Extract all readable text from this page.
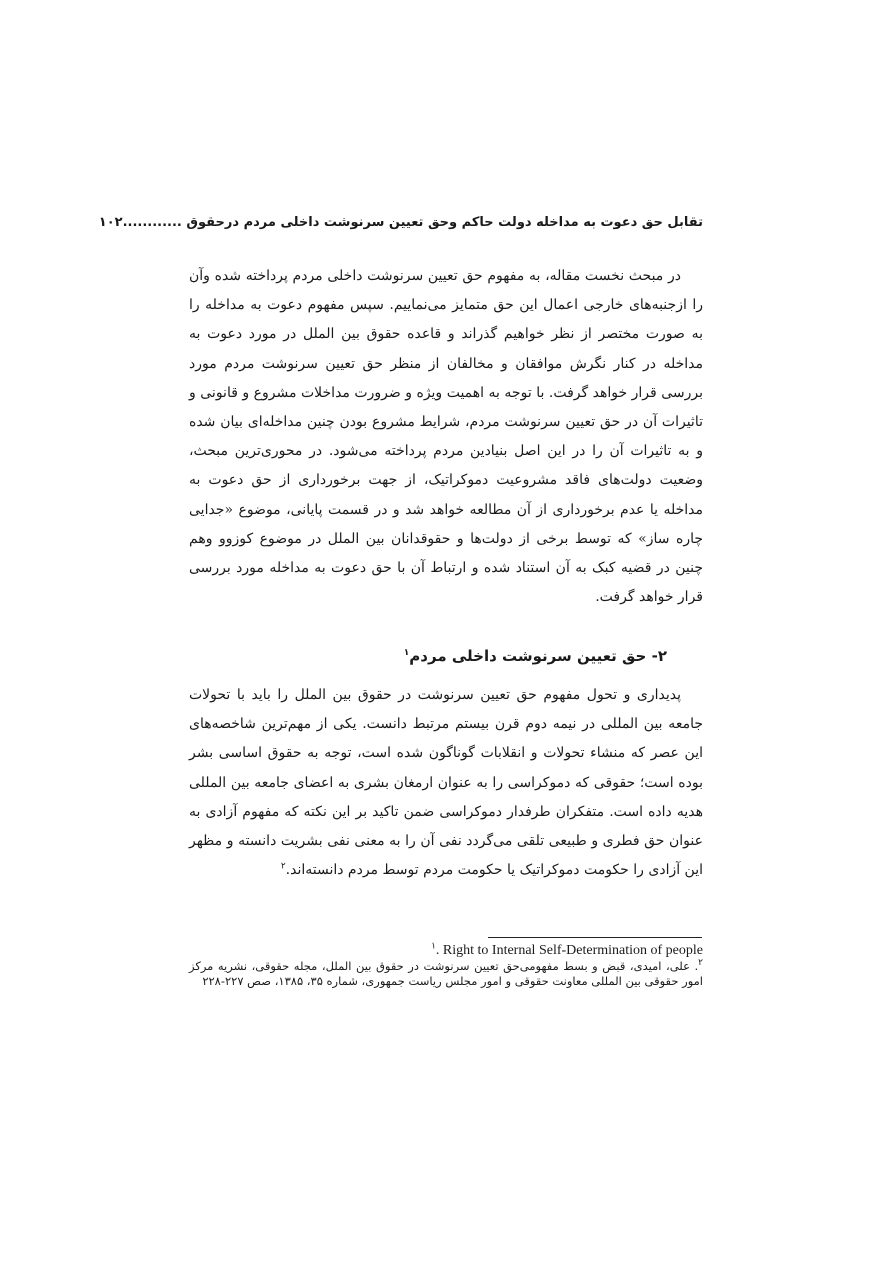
تقابل حق دعوت به مداخله دولت حاکم وحق تعیین سرنوشت داخلی مردم درحقوق ............۱۰۲
در مبحث نخست مقاله، به مفهوم حق تعیین سرنوشت داخلی مردم پرداخته شده وآن را ازجنبه‌های خارجی اعمال این حق متمایز می‌نماییم. سپس مفهوم دعوت به مداخله را به صورت مختصر از نظر خواهیم گذراند و قاعده حقوق بین الملل در مورد دعوت به مداخله در کنار نگرش موافقان و مخالفان از منظر حق تعیین سرنوشت مردم مورد بررسی قرار خواهد گرفت. با توجه به اهمیت ویژه و ضرورت مداخلات مشروع و قانونی و تاثیرات آن در حق تعیین سرنوشت مردم، شرایط مشروع بودن چنین مداخله‌ای بیان شده و به تاثیرات آن را در این اصل بنیادین مردم پرداخته می‌شود. در محوری‌ترین مبحث، وضعیت دولت‌های فاقد مشروعیت دموکراتیک، از جهت برخورداری از حق دعوت به مداخله یا عدم برخورداری از آن مطالعه خواهد شد و در قسمت پایانی، موضوع «جدایی چاره ساز» که توسط برخی از دولت‌ها و حقوقدانان بین الملل در موضوع کوزوو وهم چنین در قضیه کبک به آن استناد شده و ارتباط آن با حق دعوت به مداخله مورد بررسی قرار خواهد گرفت.
۲- حق تعیین سرنوشت داخلی مردم$^۱$
پدیداری و تحول مفهوم حق تعیین سرنوشت در حقوق بین الملل را باید با تحولات جامعه بین المللی در نیمه دوم قرن بیستم مرتبط دانست. یکی از مهم‌ترین شاخصه‌های این عصر که منشاء تحولات و انقلابات گوناگون شده است، توجه به حقوق اساسی بشر بوده است؛ حقوقی که دموکراسی را به عنوان ارمغان بشری به اعضای جامعه بین المللی هدیه داده است. متفکران طرفدار دموکراسی ضمن تاکید بر این نکته که مفهوم آزادی به عنوان حق فطری و طبیعی تلقی می‌گردد نفی آن را به معنی نفی بشریت دانسته و مظهر این آزادی را حکومت دموکراتیک یا حکومت مردم توسط مردم دانسته‌اند.$^۲$
$^۱$. Right to Internal Self-Determination of people
$^۲$. علی، امیدی، قبض و بسط مفهومی‌حق تعیین سرنوشت در حقوق بین الملل، مجله حقوقی، نشریه مرکز امور حقوقی بین المللی معاونت حقوقی و امور مجلس ریاست جمهوری، شماره ۳۵، ۱۳۸۵، صص ۲۲۷-۲۲۸
